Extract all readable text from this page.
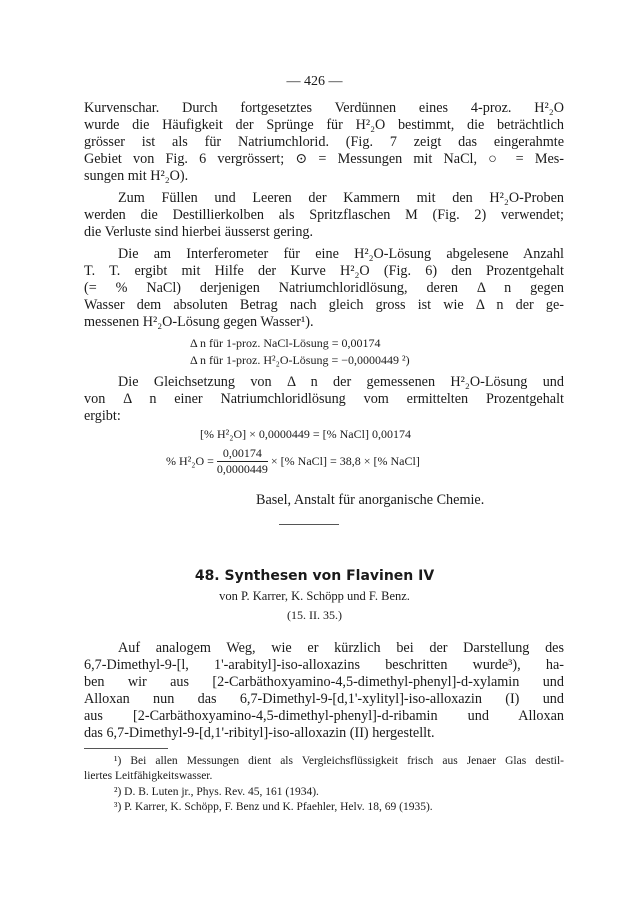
— 426 —
Kurvenschar. Durch fortgesetztes Verdünnen eines 4-proz. H²₂O
wurde die Häufigkeit der Sprünge für H²₂O bestimmt, die beträchtlich
grösser ist als für Natriumchlorid. (Fig. 7 zeigt das eingerahmte
Gebiet von Fig. 6 vergrössert; ⊙ = Messungen mit NaCl, ○ = Mes-
sungen mit H²₂O).
Zum Füllen und Leeren der Kammern mit den H²₂O-Proben
werden die Destillierkolben als Spritzflaschen M (Fig. 2) verwendet;
die Verluste sind hierbei äusserst gering.
Die am Interferometer für eine H²₂O-Lösung abgelesene Anzahl
T. T. ergibt mit Hilfe der Kurve H²₂O (Fig. 6) den Prozentgehalt
(= % NaCl) derjenigen Natriumchloridlösung, deren Δ n gegen
Wasser dem absoluten Betrag nach gleich gross ist wie Δ n der ge-
messenen H²₂O-Lösung gegen Wasser¹).
Δ n für 1-proz. NaCl-Lösung = 0,00174
Δ n für 1-proz. H²₂O-Lösung = −0,0000449 ²)
Die Gleichsetzung von Δ n der gemessenen H²₂O-Lösung und
von Δ n einer Natriumchloridlösung vom ermittelten Prozentgehalt
ergibt:
[% H²₂O] × 0,0000449 = [% NaCl] 0,00174
% $H^2_2O = \frac{0,00174}{0,0000449}$ × [% NaCl] = 38,8 × [% NaCl]
Basel, Anstalt für anorganische Chemie.
48. Synthesen von Flavinen IV
von P. Karrer, K. Schöpp und F. Benz.
(15. II. 35.)
Auf analogem Weg, wie er kürzlich bei der Darstellung des
6,7-Dimethyl-9-[l, 1'-arabityl]-iso-alloxazins beschritten wurde³), ha-
ben wir aus [2-Carbäthoxyamino-4,5-dimethyl-phenyl]-d-xylamin und
Alloxan nun das 6,7-Dimethyl-9-[d,1'-xylityl]-iso-alloxazin (I) und
aus [2-Carbäthoxyamino-4,5-dimethyl-phenyl]-d-ribamin und Alloxan
das 6,7-Dimethyl-9-[d,1'-ribityl]-iso-alloxazin (II) hergestellt.
¹) Bei allen Messungen dient als Vergleichsflüssigkeit frisch aus Jenaer Glas destil-
liertes Leitfähigkeitswasser.
²) D. B. Luten jr., Phys. Rev. 45, 161 (1934).
³) P. Karrer, K. Schöpp, F. Benz und K. Pfaehler, Helv. 18, 69 (1935).
